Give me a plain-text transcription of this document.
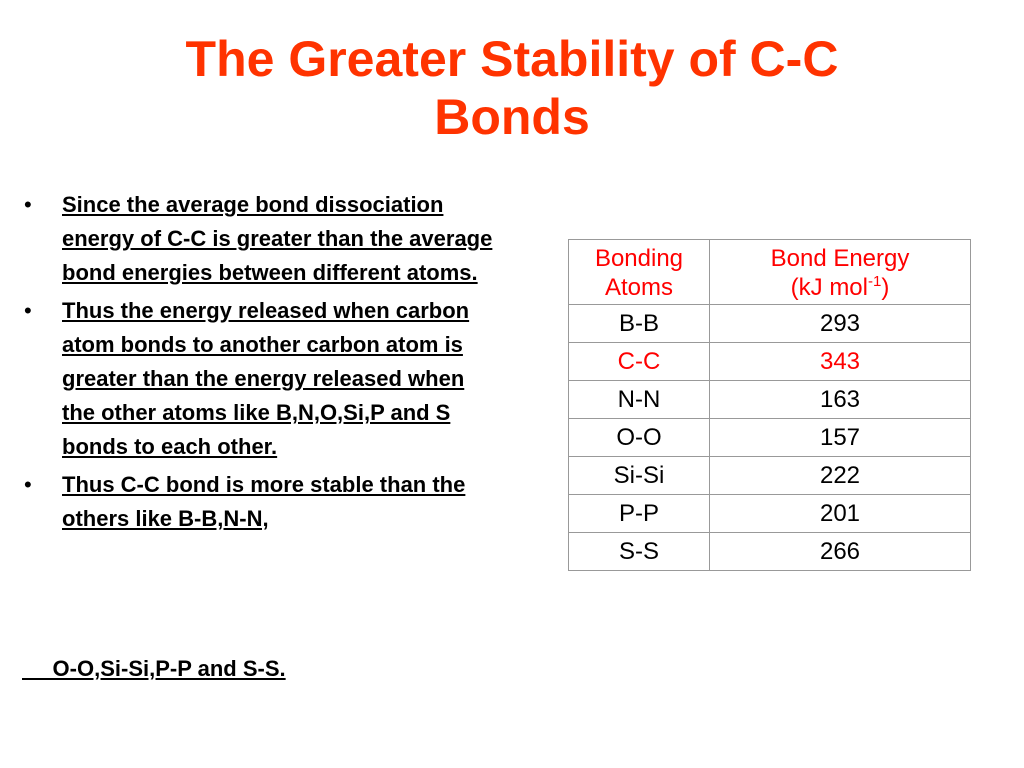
The Greater Stability of C-C
Bonds
• Since the average bond dissociation energy of C-C is greater than the average bond energies between different atoms.
• Thus the energy released when carbon atom bonds to another carbon atom is greater than the energy released when the other atoms like B,N,O,Si,P and S bonds to each other.
• Thus C-C bond is more stable than the others like B-B,N-N,
O-O,Si-Si,P-P and S-S.
Bonding
Atoms	Bond Energy
(kJ mol$^{-1}$)

B-B	293
C-C	343
N-N	163
O-O	157
Si-Si	222
P-P	201
S-S	266
